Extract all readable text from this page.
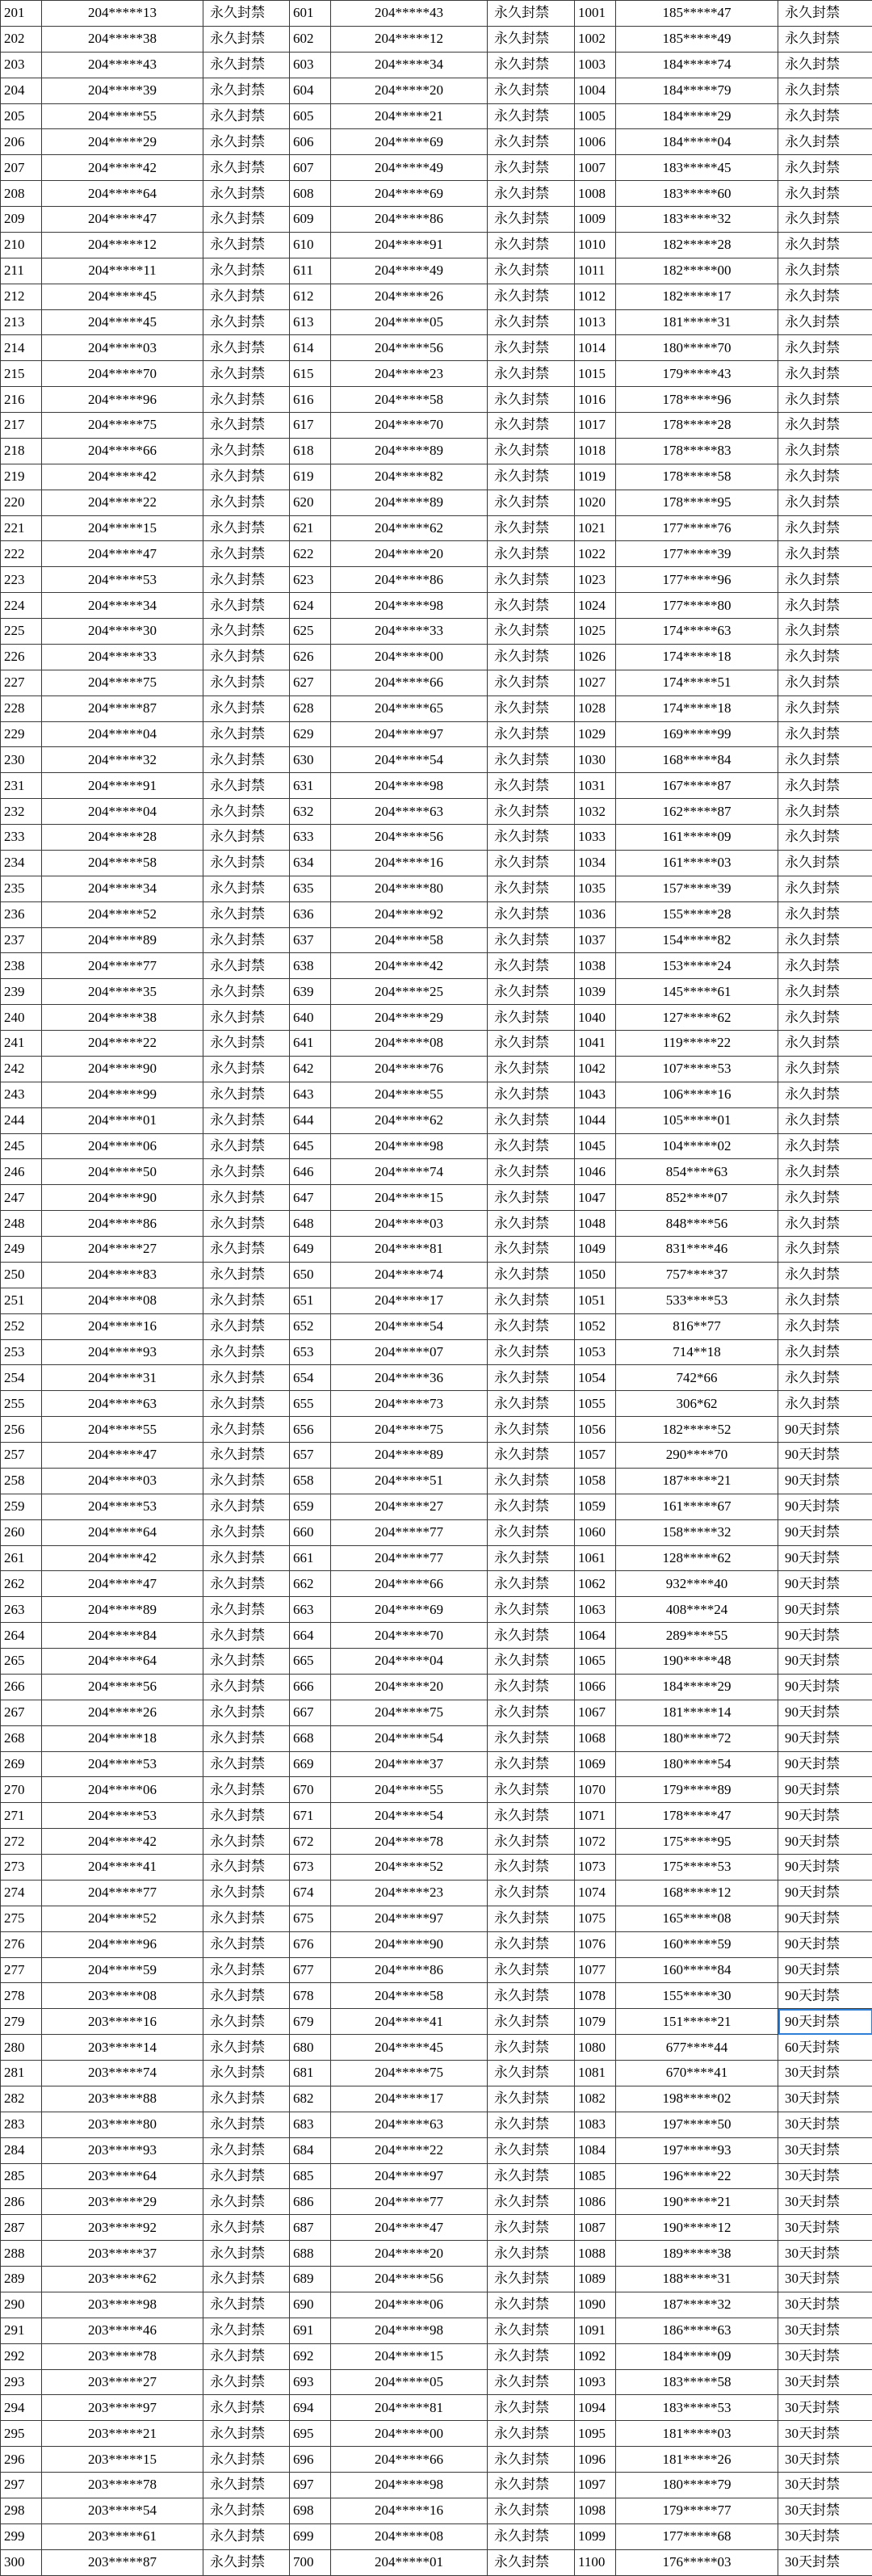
201	204*****13	永久封禁	601	204*****43	永久封禁	1001	185*****47	永久封禁
202	204*****38	永久封禁	602	204*****12	永久封禁	1002	185*****49	永久封禁
203	204*****43	永久封禁	603	204*****34	永久封禁	1003	184*****74	永久封禁
204	204*****39	永久封禁	604	204*****20	永久封禁	1004	184*****79	永久封禁
205	204*****55	永久封禁	605	204*****21	永久封禁	1005	184*****29	永久封禁
206	204*****29	永久封禁	606	204*****69	永久封禁	1006	184*****04	永久封禁
207	204*****42	永久封禁	607	204*****49	永久封禁	1007	183*****45	永久封禁
208	204*****64	永久封禁	608	204*****69	永久封禁	1008	183*****60	永久封禁
209	204*****47	永久封禁	609	204*****86	永久封禁	1009	183*****32	永久封禁
210	204*****12	永久封禁	610	204*****91	永久封禁	1010	182*****28	永久封禁
211	204*****11	永久封禁	611	204*****49	永久封禁	1011	182*****00	永久封禁
212	204*****45	永久封禁	612	204*****26	永久封禁	1012	182*****17	永久封禁
213	204*****45	永久封禁	613	204*****05	永久封禁	1013	181*****31	永久封禁
214	204*****03	永久封禁	614	204*****56	永久封禁	1014	180*****70	永久封禁
215	204*****70	永久封禁	615	204*****23	永久封禁	1015	179*****43	永久封禁
216	204*****96	永久封禁	616	204*****58	永久封禁	1016	178*****96	永久封禁
217	204*****75	永久封禁	617	204*****70	永久封禁	1017	178*****28	永久封禁
218	204*****66	永久封禁	618	204*****89	永久封禁	1018	178*****83	永久封禁
219	204*****42	永久封禁	619	204*****82	永久封禁	1019	178*****58	永久封禁
220	204*****22	永久封禁	620	204*****89	永久封禁	1020	178*****95	永久封禁
221	204*****15	永久封禁	621	204*****62	永久封禁	1021	177*****76	永久封禁
222	204*****47	永久封禁	622	204*****20	永久封禁	1022	177*****39	永久封禁
223	204*****53	永久封禁	623	204*****86	永久封禁	1023	177*****96	永久封禁
224	204*****34	永久封禁	624	204*****98	永久封禁	1024	177*****80	永久封禁
225	204*****30	永久封禁	625	204*****33	永久封禁	1025	174*****63	永久封禁
226	204*****33	永久封禁	626	204*****00	永久封禁	1026	174*****18	永久封禁
227	204*****75	永久封禁	627	204*****66	永久封禁	1027	174*****51	永久封禁
228	204*****87	永久封禁	628	204*****65	永久封禁	1028	174*****18	永久封禁
229	204*****04	永久封禁	629	204*****97	永久封禁	1029	169*****99	永久封禁
230	204*****32	永久封禁	630	204*****54	永久封禁	1030	168*****84	永久封禁
231	204*****91	永久封禁	631	204*****98	永久封禁	1031	167*****87	永久封禁
232	204*****04	永久封禁	632	204*****63	永久封禁	1032	162*****87	永久封禁
233	204*****28	永久封禁	633	204*****56	永久封禁	1033	161*****09	永久封禁
234	204*****58	永久封禁	634	204*****16	永久封禁	1034	161*****03	永久封禁
235	204*****34	永久封禁	635	204*****80	永久封禁	1035	157*****39	永久封禁
236	204*****52	永久封禁	636	204*****92	永久封禁	1036	155*****28	永久封禁
237	204*****89	永久封禁	637	204*****58	永久封禁	1037	154*****82	永久封禁
238	204*****77	永久封禁	638	204*****42	永久封禁	1038	153*****24	永久封禁
239	204*****35	永久封禁	639	204*****25	永久封禁	1039	145*****61	永久封禁
240	204*****38	永久封禁	640	204*****29	永久封禁	1040	127*****62	永久封禁
241	204*****22	永久封禁	641	204*****08	永久封禁	1041	119*****22	永久封禁
242	204*****90	永久封禁	642	204*****76	永久封禁	1042	107*****53	永久封禁
243	204*****99	永久封禁	643	204*****55	永久封禁	1043	106*****16	永久封禁
244	204*****01	永久封禁	644	204*****62	永久封禁	1044	105*****01	永久封禁
245	204*****06	永久封禁	645	204*****98	永久封禁	1045	104*****02	永久封禁
246	204*****50	永久封禁	646	204*****74	永久封禁	1046	854****63	永久封禁
247	204*****90	永久封禁	647	204*****15	永久封禁	1047	852****07	永久封禁
248	204*****86	永久封禁	648	204*****03	永久封禁	1048	848****56	永久封禁
249	204*****27	永久封禁	649	204*****81	永久封禁	1049	831****46	永久封禁
250	204*****83	永久封禁	650	204*****74	永久封禁	1050	757****37	永久封禁
251	204*****08	永久封禁	651	204*****17	永久封禁	1051	533****53	永久封禁
252	204*****16	永久封禁	652	204*****54	永久封禁	1052	816**77	永久封禁
253	204*****93	永久封禁	653	204*****07	永久封禁	1053	714**18	永久封禁
254	204*****31	永久封禁	654	204*****36	永久封禁	1054	742*66	永久封禁
255	204*****63	永久封禁	655	204*****73	永久封禁	1055	306*62	永久封禁
256	204*****55	永久封禁	656	204*****75	永久封禁	1056	182*****52	90天封禁
257	204*****47	永久封禁	657	204*****89	永久封禁	1057	290****70	90天封禁
258	204*****03	永久封禁	658	204*****51	永久封禁	1058	187*****21	90天封禁
259	204*****53	永久封禁	659	204*****27	永久封禁	1059	161*****67	90天封禁
260	204*****64	永久封禁	660	204*****77	永久封禁	1060	158*****32	90天封禁
261	204*****42	永久封禁	661	204*****77	永久封禁	1061	128*****62	90天封禁
262	204*****47	永久封禁	662	204*****66	永久封禁	1062	932****40	90天封禁
263	204*****89	永久封禁	663	204*****69	永久封禁	1063	408****24	90天封禁
264	204*****84	永久封禁	664	204*****70	永久封禁	1064	289****55	90天封禁
265	204*****64	永久封禁	665	204*****04	永久封禁	1065	190*****48	90天封禁
266	204*****56	永久封禁	666	204*****20	永久封禁	1066	184*****29	90天封禁
267	204*****26	永久封禁	667	204*****75	永久封禁	1067	181*****14	90天封禁
268	204*****18	永久封禁	668	204*****54	永久封禁	1068	180*****72	90天封禁
269	204*****53	永久封禁	669	204*****37	永久封禁	1069	180*****54	90天封禁
270	204*****06	永久封禁	670	204*****55	永久封禁	1070	179*****89	90天封禁
271	204*****53	永久封禁	671	204*****54	永久封禁	1071	178*****47	90天封禁
272	204*****42	永久封禁	672	204*****78	永久封禁	1072	175*****95	90天封禁
273	204*****41	永久封禁	673	204*****52	永久封禁	1073	175*****53	90天封禁
274	204*****77	永久封禁	674	204*****23	永久封禁	1074	168*****12	90天封禁
275	204*****52	永久封禁	675	204*****97	永久封禁	1075	165*****08	90天封禁
276	204*****96	永久封禁	676	204*****90	永久封禁	1076	160*****59	90天封禁
277	204*****59	永久封禁	677	204*****86	永久封禁	1077	160*****84	90天封禁
278	203*****08	永久封禁	678	204*****58	永久封禁	1078	155*****30	90天封禁
279	203*****16	永久封禁	679	204*****41	永久封禁	1079	151*****21	90天封禁
280	203*****14	永久封禁	680	204*****45	永久封禁	1080	677****44	60天封禁
281	203*****74	永久封禁	681	204*****75	永久封禁	1081	670****41	30天封禁
282	203*****88	永久封禁	682	204*****17	永久封禁	1082	198*****02	30天封禁
283	203*****80	永久封禁	683	204*****63	永久封禁	1083	197*****50	30天封禁
284	203*****93	永久封禁	684	204*****22	永久封禁	1084	197*****93	30天封禁
285	203*****64	永久封禁	685	204*****97	永久封禁	1085	196*****22	30天封禁
286	203*****29	永久封禁	686	204*****77	永久封禁	1086	190*****21	30天封禁
287	203*****92	永久封禁	687	204*****47	永久封禁	1087	190*****12	30天封禁
288	203*****37	永久封禁	688	204*****20	永久封禁	1088	189*****38	30天封禁
289	203*****62	永久封禁	689	204*****56	永久封禁	1089	188*****31	30天封禁
290	203*****98	永久封禁	690	204*****06	永久封禁	1090	187*****32	30天封禁
291	203*****46	永久封禁	691	204*****98	永久封禁	1091	186*****63	30天封禁
292	203*****78	永久封禁	692	204*****15	永久封禁	1092	184*****09	30天封禁
293	203*****27	永久封禁	693	204*****05	永久封禁	1093	183*****58	30天封禁
294	203*****97	永久封禁	694	204*****81	永久封禁	1094	183*****53	30天封禁
295	203*****21	永久封禁	695	204*****00	永久封禁	1095	181*****03	30天封禁
296	203*****15	永久封禁	696	204*****66	永久封禁	1096	181*****26	30天封禁
297	203*****78	永久封禁	697	204*****98	永久封禁	1097	180*****79	30天封禁
298	203*****54	永久封禁	698	204*****16	永久封禁	1098	179*****77	30天封禁
299	203*****61	永久封禁	699	204*****08	永久封禁	1099	177*****68	30天封禁
300	203*****87	永久封禁	700	204*****01	永久封禁	1100	176*****03	30天封禁
